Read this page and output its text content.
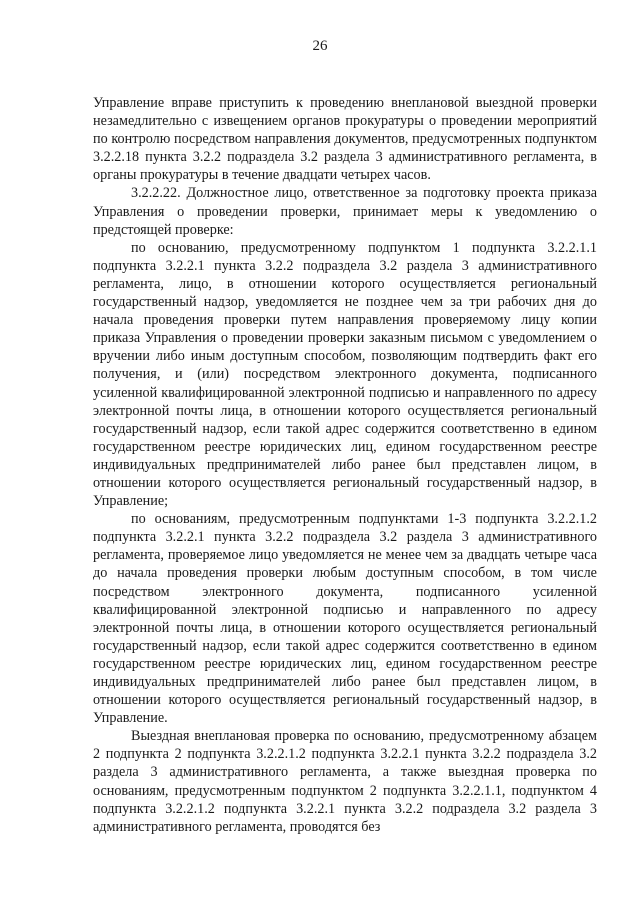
26

Управление вправе приступить к проведению внеплановой выездной проверки незамедлительно с извещением органов прокуратуры о проведении мероприятий по контролю посредством направления документов, предусмотренных подпунктом 3.2.2.18 пункта 3.2.2 подраздела 3.2 раздела 3 административного регламента, в органы прокуратуры в течение двадцати четырех часов.

3.2.2.22. Должностное лицо, ответственное за подготовку проекта приказа Управления о проведении проверки, принимает меры к уведомлению о предстоящей проверке:

по основанию, предусмотренному подпунктом 1 подпункта 3.2.2.1.1 подпункта 3.2.2.1 пункта 3.2.2 подраздела 3.2 раздела 3 административного регламента, лицо, в отношении которого осуществляется региональный государственный надзор, уведомляется не позднее чем за три рабочих дня до начала проведения проверки путем направления проверяемому лицу копии приказа Управления о проведении проверки заказным письмом с уведомлением о вручении либо иным доступным способом, позволяющим подтвердить факт его получения, и (или) посредством электронного документа, подписанного усиленной квалифицированной электронной подписью и направленного по адресу электронной почты лица, в отношении которого осуществляется региональный государственный надзор, если такой адрес содержится соответственно в едином государственном реестре юридических лиц, едином государственном реестре индивидуальных предпринимателей либо ранее был представлен лицом, в отношении которого осуществляется региональный государственный надзор, в Управление;

по основаниям, предусмотренным подпунктами 1-3 подпункта 3.2.2.1.2 подпункта 3.2.2.1 пункта 3.2.2 подраздела 3.2 раздела 3 административного регламента, проверяемое лицо уведомляется не менее чем за двадцать четыре часа до начала проведения проверки любым доступным способом, в том числе посредством электронного документа, подписанного усиленной квалифицированной электронной подписью и направленного по адресу электронной почты лица, в отношении которого осуществляется региональный государственный надзор, если такой адрес содержится соответственно в едином государственном реестре юридических лиц, едином государственном реестре индивидуальных предпринимателей либо ранее был представлен лицом, в отношении которого осуществляется региональный государственный надзор, в Управление.

Выездная внеплановая проверка по основанию, предусмотренному абзацем 2 подпункта 2 подпункта 3.2.2.1.2 подпункта 3.2.2.1 пункта 3.2.2 подраздела 3.2 раздела 3 административного регламента, а также выездная проверка по основаниям, предусмотренным подпунктом 2 подпункта 3.2.2.1.1, подпунктом 4 подпункта 3.2.2.1.2 подпункта 3.2.2.1 пункта 3.2.2 подраздела 3.2 раздела 3 административного регламента, проводятся без
